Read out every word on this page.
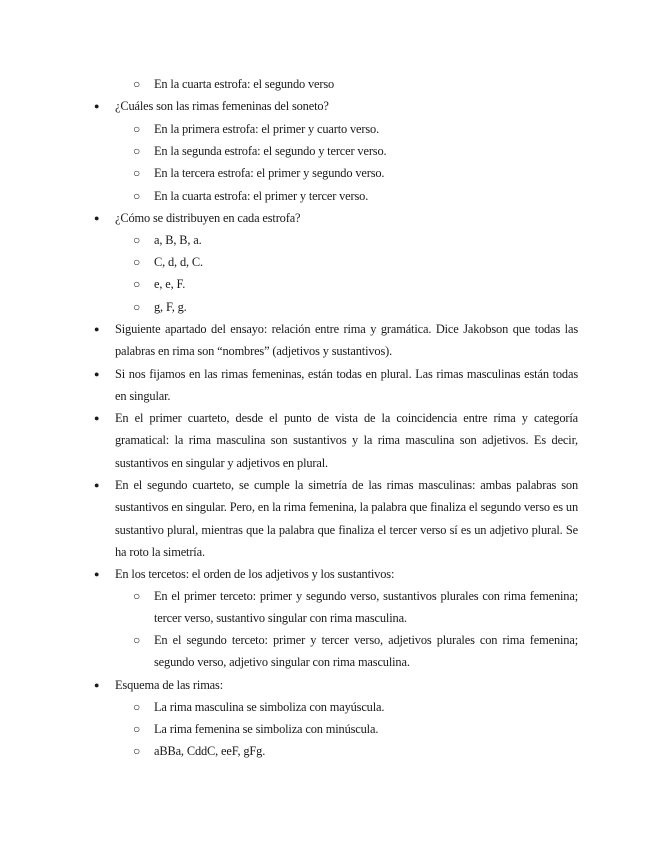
○ En la cuarta estrofa: el segundo verso
● ¿Cuáles son las rimas femeninas del soneto?
○ En la primera estrofa: el primer y cuarto verso.
○ En la segunda estrofa: el segundo y tercer verso.
○ En la tercera estrofa: el primer y segundo verso.
○ En la cuarta estrofa: el primer y tercer verso.
● ¿Cómo se distribuyen en cada estrofa?
○ a, B, B, a.
○ C, d, d, C.
○ e, e, F.
○ g, F, g.
● Siguiente apartado del ensayo: relación entre rima y gramática. Dice Jakobson que todas las palabras en rima son “nombres” (adjetivos y sustantivos).
● Si nos fijamos en las rimas femeninas, están todas en plural. Las rimas masculinas están todas en singular.
● En el primer cuarteto, desde el punto de vista de la coincidencia entre rima y categoría gramatical: la rima masculina son sustantivos y la rima masculina son adjetivos. Es decir, sustantivos en singular y adjetivos en plural.
● En el segundo cuarteto, se cumple la simetría de las rimas masculinas: ambas palabras son sustantivos en singular. Pero, en la rima femenina, la palabra que finaliza el segundo verso es un sustantivo plural, mientras que la palabra que finaliza el tercer verso sí es un adjetivo plural. Se ha roto la simetría.
● En los tercetos: el orden de los adjetivos y los sustantivos:
○ En el primer terceto: primer y segundo verso, sustantivos plurales con rima femenina; tercer verso, sustantivo singular con rima masculina.
○ En el segundo terceto: primer y tercer verso, adjetivos plurales con rima femenina; segundo verso, adjetivo singular con rima masculina.
● Esquema de las rimas:
○ La rima masculina se simboliza con mayúscula.
○ La rima femenina se simboliza con minúscula.
○ aBBa, CddC, eeF, gFg.
